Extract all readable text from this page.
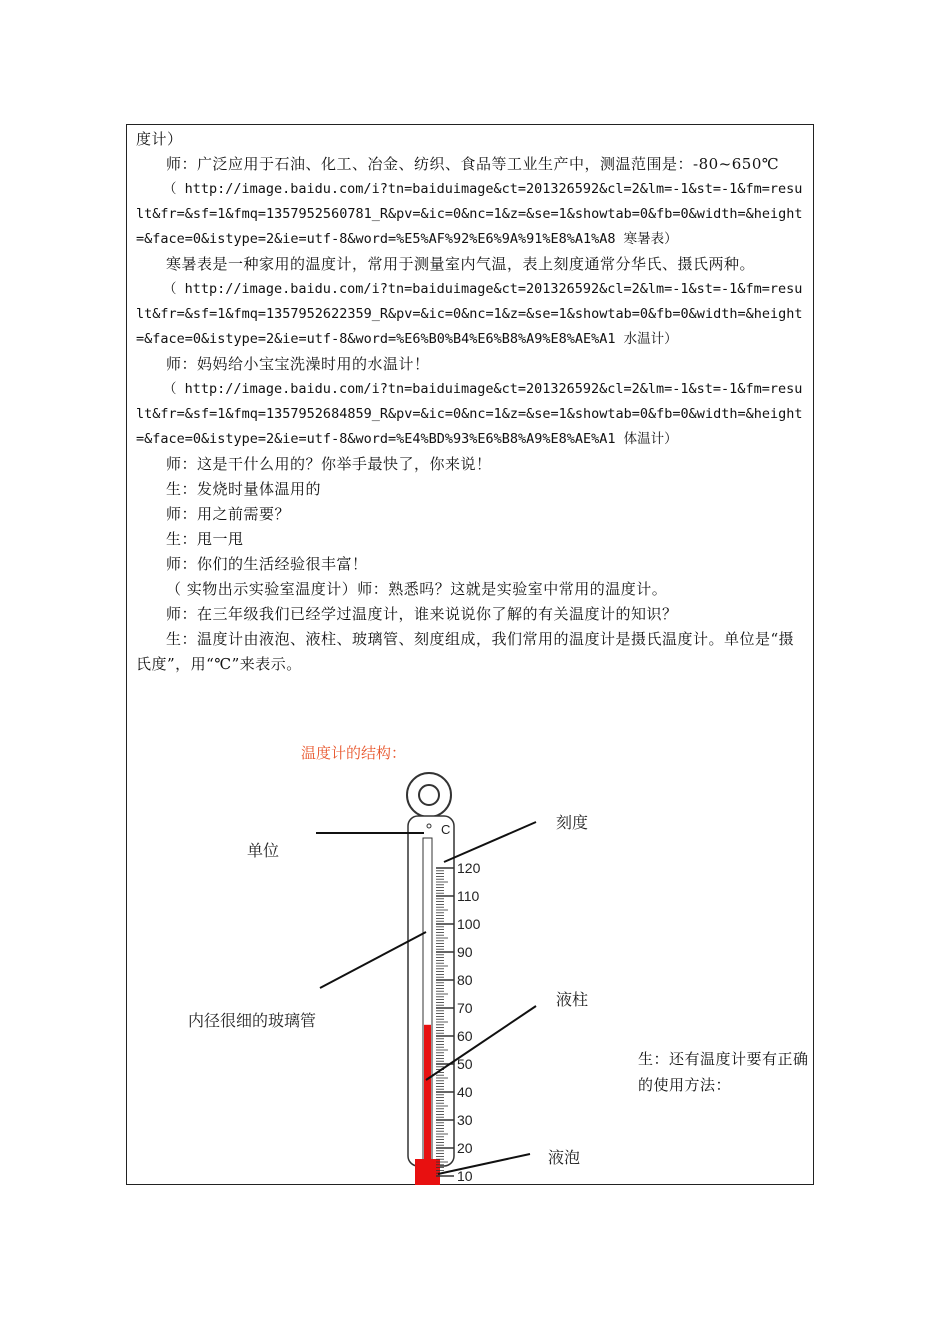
度计）

师：广泛应用于石油、化工、冶金、纺织、食品等工业生产中，测温范围是：-80~650℃

（ http://image.baidu.com/i?tn=baiduimage&ct=201326592&cl=2&lm=-1&st=-1&fm=result&fr=&sf=1&fmq=1357952560781_R&pv=&ic=0&nc=1&z=&se=1&showtab=0&fb=0&width=&height=&face=0&istype=2&ie=utf-8&word=%E5%AF%92%E6%9A%91%E8%A1%A8 寒暑表）

寒暑表是一种家用的温度计，常用于测量室内气温，表上刻度通常分华氏、摄氏两种。

（ http://image.baidu.com/i?tn=baiduimage&ct=201326592&cl=2&lm=-1&st=-1&fm=result&fr=&sf=1&fmq=1357952622359_R&pv=&ic=0&nc=1&z=&se=1&showtab=0&fb=0&width=&height=&face=0&istype=2&ie=utf-8&word=%E6%B0%B4%E6%B8%A9%E8%AE%A1 水温计）

师：妈妈给小宝宝洗澡时用的水温计！

（ http://image.baidu.com/i?tn=baiduimage&ct=201326592&cl=2&lm=-1&st=-1&fm=result&fr=&sf=1&fmq=1357952684859_R&pv=&ic=0&nc=1&z=&se=1&showtab=0&fb=0&width=&height=&face=0&istype=2&ie=utf-8&word=%E4%BD%93%E6%B8%A9%E8%AE%A1 体温计）

师：这是干什么用的？你举手最快了，你来说！

生：发烧时量体温用的

师：用之前需要？

生：甩一甩

师：你们的生活经验很丰富！

（ 实物出示实验室温度计）师：熟悉吗？这就是实验室中常用的温度计。

师：在三年级我们已经学过温度计，谁来说说你了解的有关温度计的知识？

生：温度计由液泡、液柱、玻璃管、刻度组成，我们常用的温度计是摄氏温度计。单位是“摄氏度”，用“℃”来表示。

C
120
110
100
90
80
70
60
50
40
30
20
10
温度计的结构：
单位
刻度
内径很细的玻璃管
液柱
液泡
生：还有温度计要有正确的使用方法：
